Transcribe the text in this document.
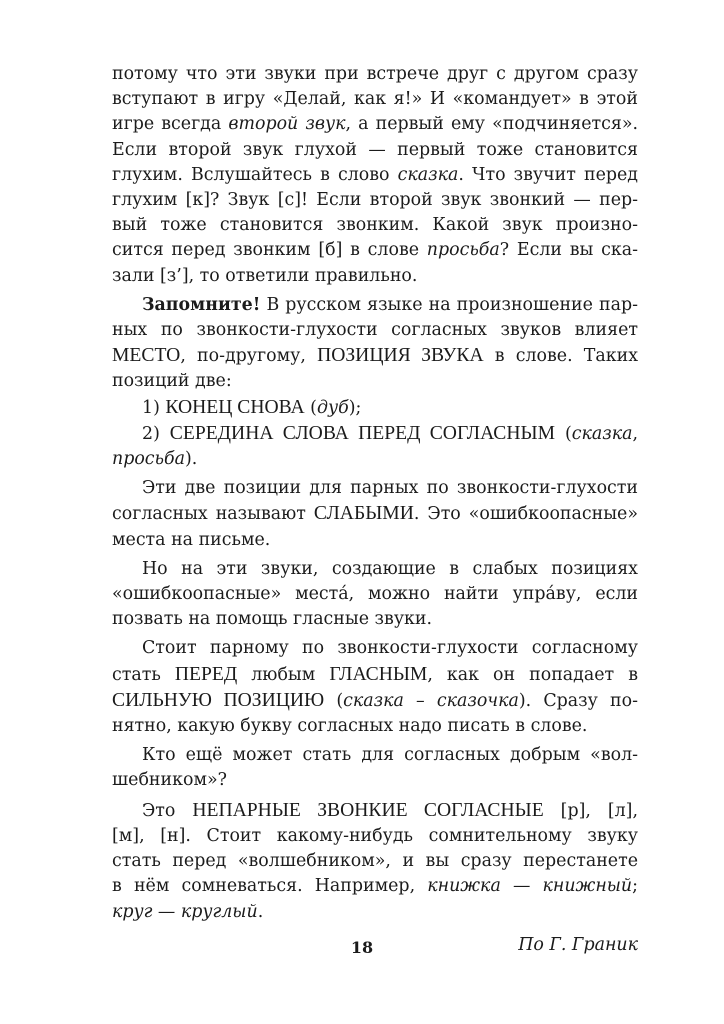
потому что эти звуки при встрече друг с другом сразу

вступают в игру «Делай, как я!» И «командует» в этой

игре всегда второй звук, а первый ему «подчиняется».

Если второй звук глухой — первый тоже становится

глухим. Вслушайтесь в слово сказка. Что звучит перед

глухим [к]? Звук [с]! Если второй звук звонкий — пер-

вый тоже становится звонким. Какой звук произно-

сится перед звонким [б] в слове просьба? Если вы ска-

зали [з’], то ответили правильно.

Запомните! В русском языке на произношение пар-

ных по звонкости-глухости согласных звуков влияет

МЕСТО, по-другому, ПОЗИЦИЯ ЗВУКА в слове. Таких

позиций две:

1) КОНЕЦ СНОВА (дуб);

2) СЕРЕДИНА СЛОВА ПЕРЕД СОГЛАСНЫМ (сказка,

просьба).

Эти две позиции для парных по звонкости-глухости

согласных называют СЛАБЫМИ. Это «ошибкоопасные»

места на письме.

Но на эти звуки, создающие в слабых позициях

«ошибкоопасные» места́, можно найти упра́ву, если

позвать на помощь гласные звуки.

Стоит парному по звонкости-глухости согласному

стать ПЕРЕД любым ГЛАСНЫМ, как он попадает в

СИЛЬНУЮ ПОЗИЦИЮ (сказка – сказочка). Сразу по-

нятно, какую букву согласных надо писать в слове.

Кто ещё может стать для согласных добрым «вол-

шебником»?

Это НЕПАРНЫЕ ЗВОНКИЕ СОГЛАСНЫЕ [р], [л],

[м], [н]. Стоит какому-нибудь сомнительному звуку

стать перед «волшебником», и вы сразу перестанете

в нём сомневаться. Например, книжка — книжный;

круг — круглый.

По Г. Граник

18
